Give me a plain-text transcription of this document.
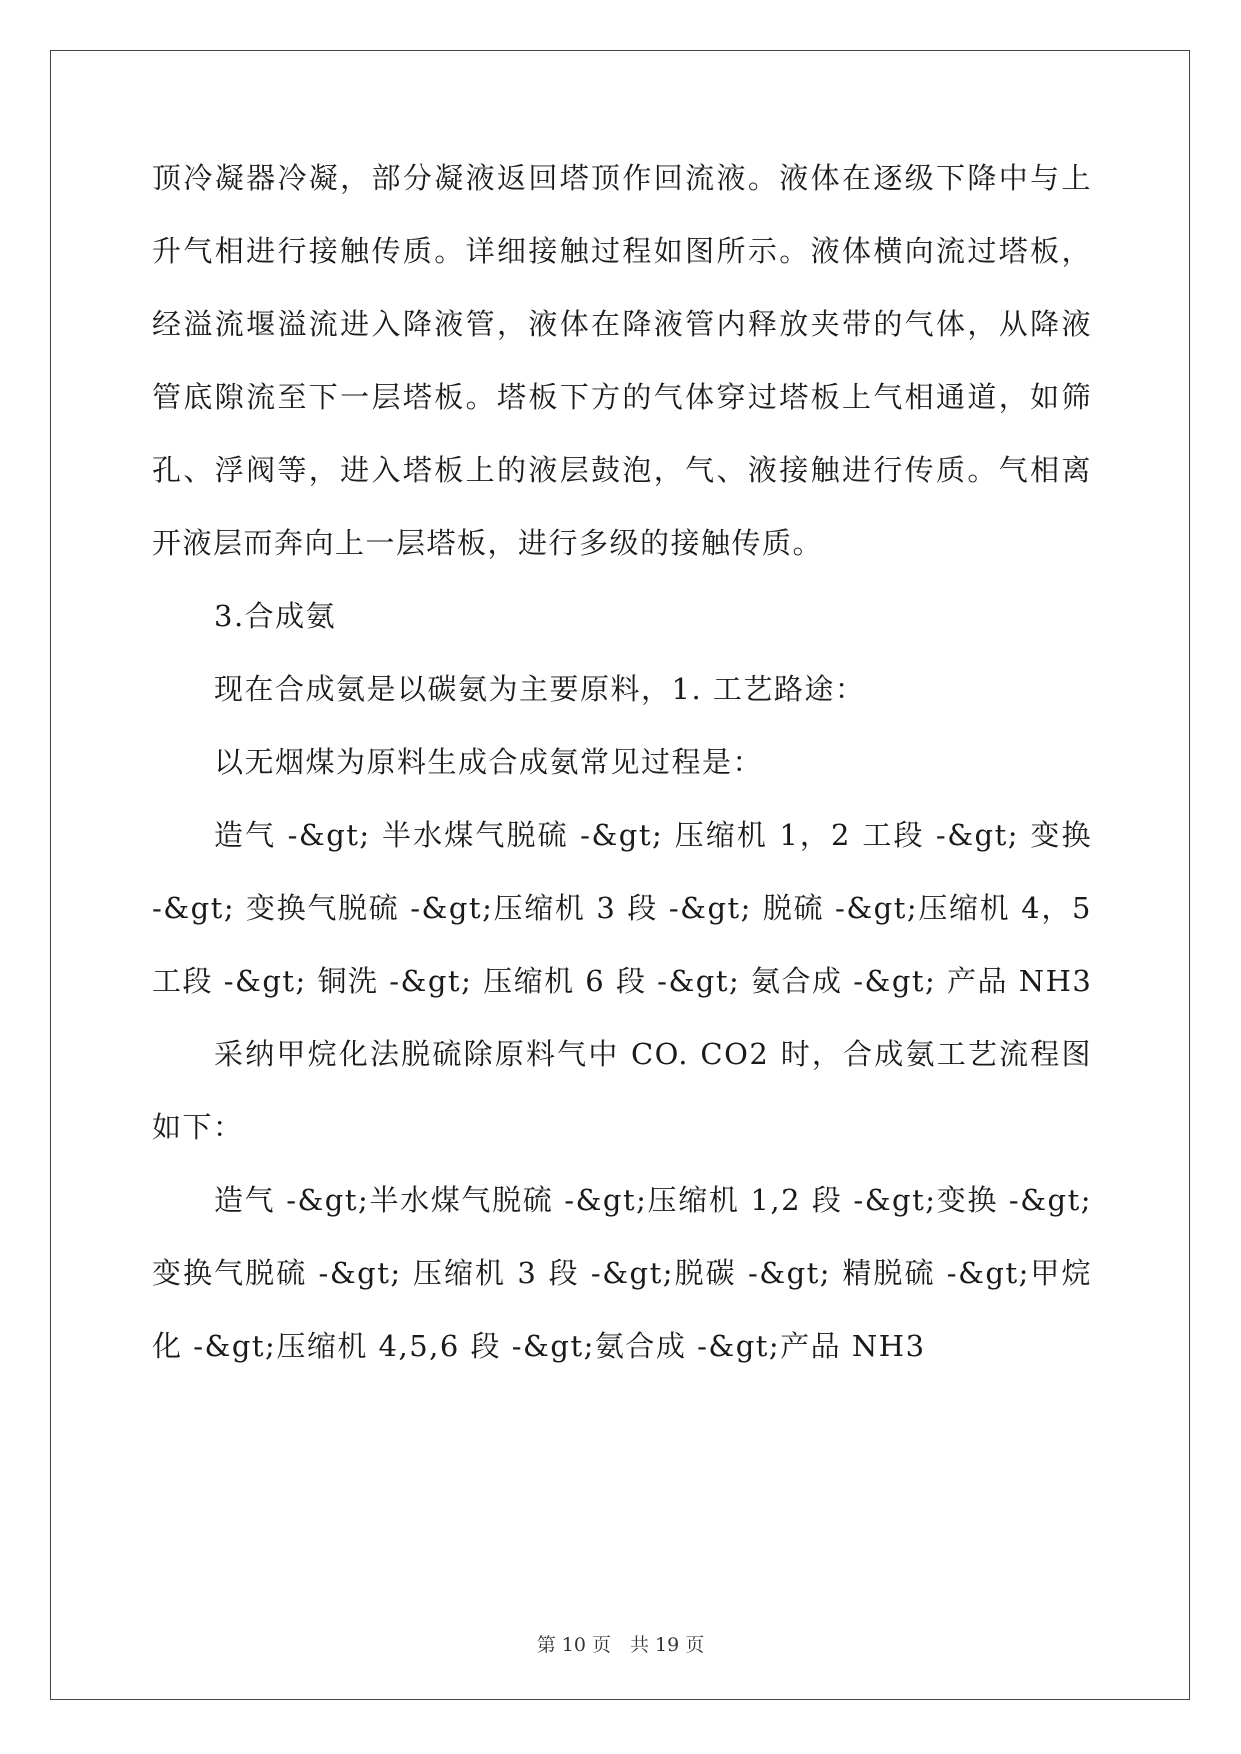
顶冷凝器冷凝，部分凝液返回塔顶作回流液。液体在逐级下降中与上
升气相进行接触传质。详细接触过程如图所示。液体横向流过塔板，
经溢流堰溢流进入降液管，液体在降液管内释放夹带的气体，从降液
管底隙流至下一层塔板。塔板下方的气体穿过塔板上气相通道，如筛
孔、浮阀等，进入塔板上的液层鼓泡，气、液接触进行传质。气相离
开液层而奔向上一层塔板，进行多级的接触传质。
3.合成氨
现在合成氨是以碳氨为主要原料，1. 工艺路途：
以无烟煤为原料生成合成氨常见过程是：
造气 -&gt; 半水煤气脱硫 -&gt; 压缩机 1，2 工段 -&gt; 变换
-&gt; 变换气脱硫 -&gt;压缩机 3 段 -&gt; 脱硫 -&gt;压缩机 4，5
工段 -&gt; 铜洗 -&gt; 压缩机 6 段 -&gt; 氨合成 -&gt; 产品 NH3
采纳甲烷化法脱硫除原料气中 CO. CO2 时，合成氨工艺流程图
如下：
造气 -&gt;半水煤气脱硫 -&gt;压缩机 1,2 段 -&gt;变换 -&gt;
变换气脱硫 -&gt; 压缩机 3 段 -&gt;脱碳 -&gt; 精脱硫 -&gt;甲烷
化 -&gt;压缩机 4,5,6 段 -&gt;氨合成 -&gt;产品 NH3
第 10 页　共 19 页
